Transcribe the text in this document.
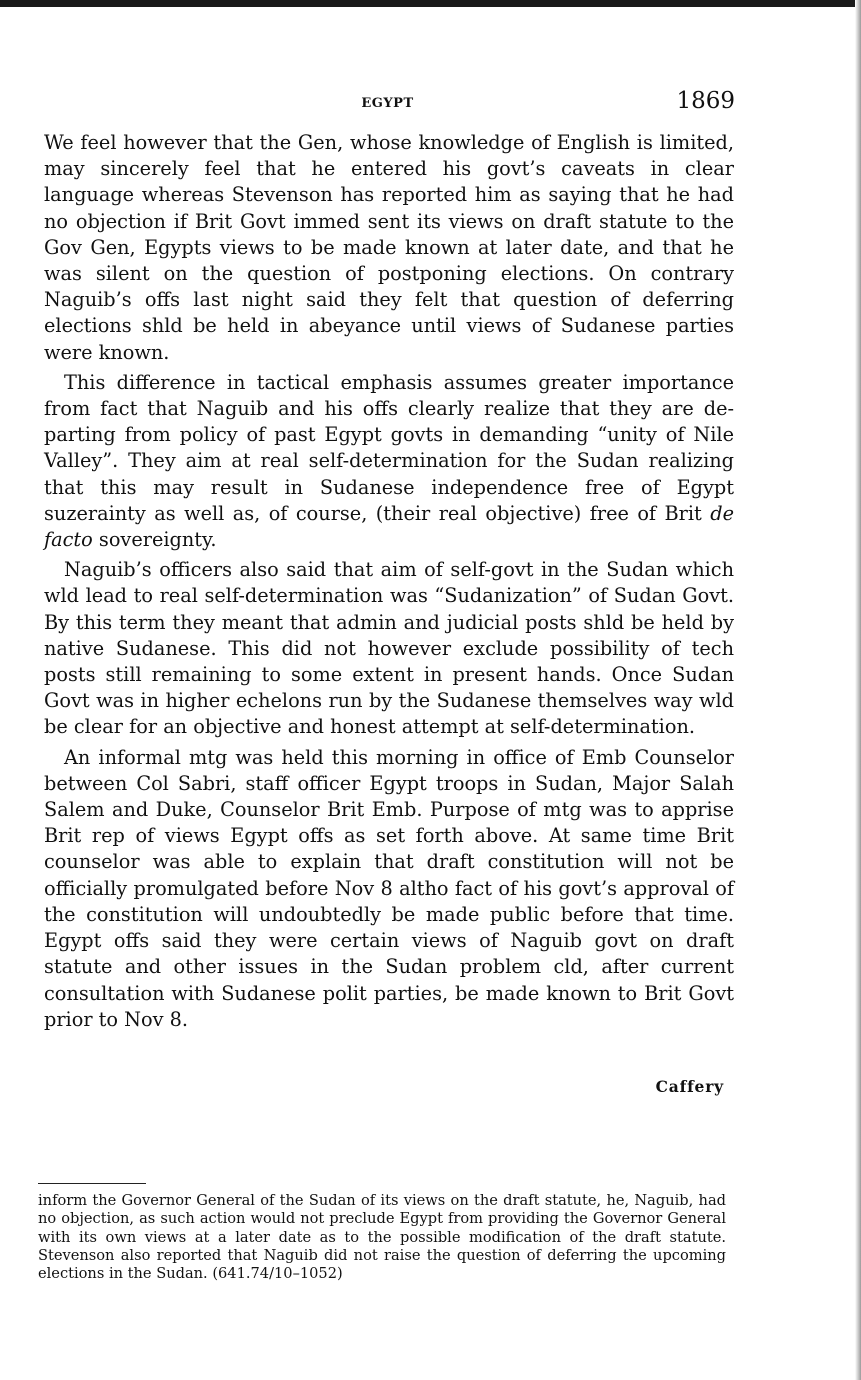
EGYPT	1869

We feel however that the Gen, whose knowledge of English is limited, may sincerely feel that he entered his govt’s caveats in clear language whereas Stevenson has reported him as saying that he had no objection if Brit Govt immed sent its views on draft statute to the Gov Gen, Egypts views to be made known at later date, and that he was silent on the question of postponing elections. On contrary Naguib’s offs last night said they felt that question of deferring elections shld be held in abeyance until views of Sudanese parties were known.

This difference in tactical emphasis assumes greater importance from fact that Naguib and his offs clearly realize that they are departing from policy of past Egypt govts in demanding “unity of Nile Valley”. They aim at real self-determination for the Sudan realizing that this may result in Sudanese independence free of Egypt suzerainty as well as, of course, (their real objective) free of Brit de facto sovereignty.

Naguib’s officers also said that aim of self-govt in the Sudan which wld lead to real self-determination was “Sudanization” of Sudan Govt. By this term they meant that admin and judicial posts shld be held by native Sudanese. This did not however exclude possibility of tech posts still remaining to some extent in present hands. Once Sudan Govt was in higher echelons run by the Sudanese themselves way wld be clear for an objective and honest attempt at self-determination.

An informal mtg was held this morning in office of Emb Counselor between Col Sabri, staff officer Egypt troops in Sudan, Major Salah Salem and Duke, Counselor Brit Emb. Purpose of mtg was to apprise Brit rep of views Egypt offs as set forth above. At same time Brit counselor was able to explain that draft constitution will not be officially promulgated before Nov 8 altho fact of his govt’s approval of the constitution will undoubtedly be made public before that time. Egypt offs said they were certain views of Naguib govt on draft statute and other issues in the Sudan problem cld, after current consultation with Sudanese polit parties, be made known to Brit Govt prior to Nov 8.

Caffery

inform the Governor General of the Sudan of its views on the draft statute, he, Naguib, had no objection, as such action would not preclude Egypt from providing the Governor General with its own views at a later date as to the possible modification of the draft statute. Stevenson also reported that Naguib did not raise the question of deferring the upcoming elections in the Sudan. (641.74/10–1052)
